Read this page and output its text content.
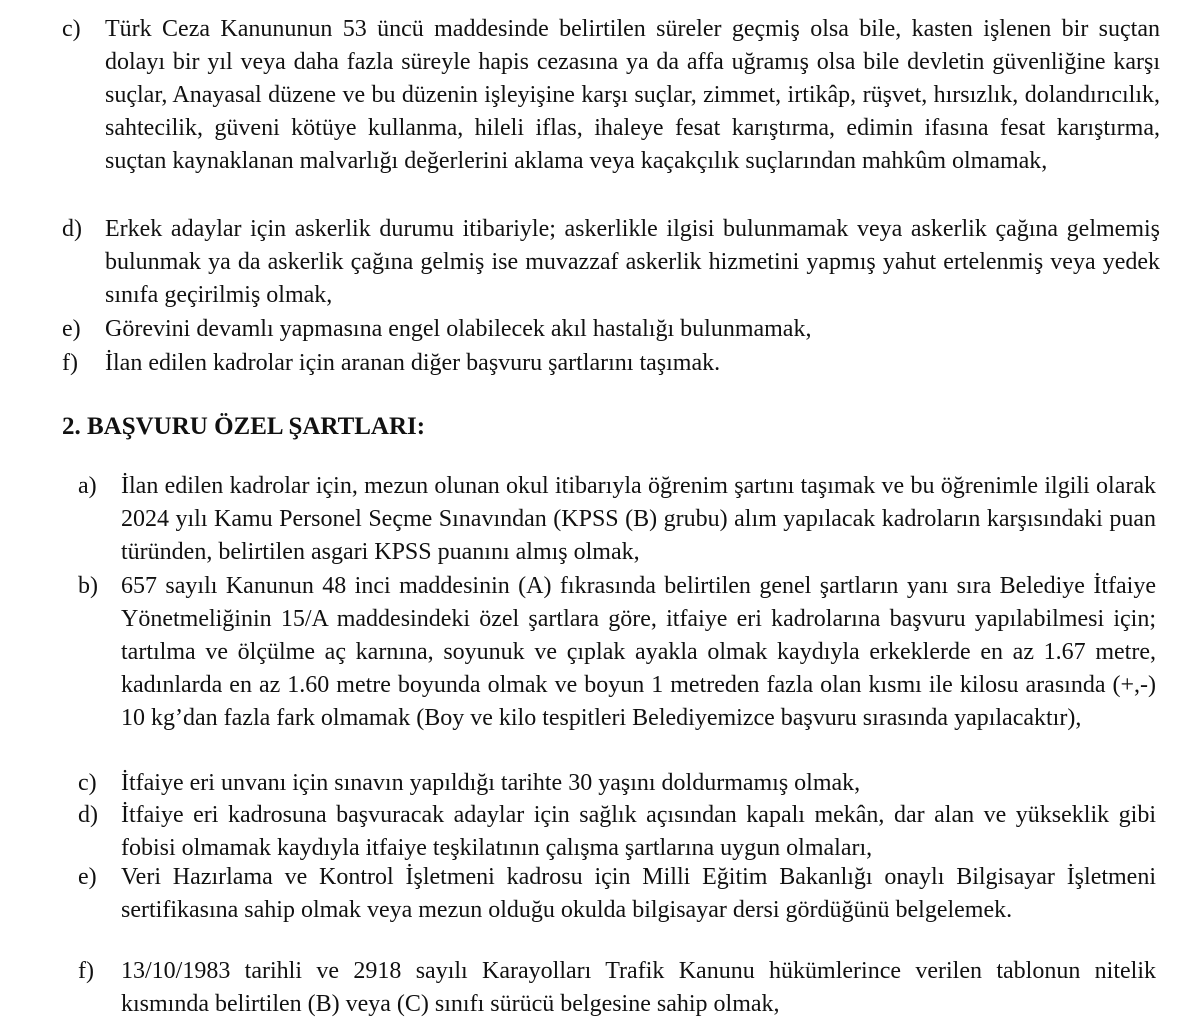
c) Türk Ceza Kanununun 53 üncü maddesinde belirtilen süreler geçmiş olsa bile, kasten işlenen bir suçtan dolayı bir yıl veya daha fazla süreyle hapis cezasına ya da affa uğramış olsa bile devletin güvenliğine karşı suçlar, Anayasal düzene ve bu düzenin işleyişine karşı suçlar, zimmet, irtikâp, rüşvet, hırsızlık, dolandırıcılık, sahtecilik, güveni kötüye kullanma, hileli iflas, ihaleye fesat karıştırma, edimin ifasına fesat karıştırma, suçtan kaynaklanan malvarlığı değerlerini aklama veya kaçakçılık suçlarından mahkûm olmamak,
d) Erkek adaylar için askerlik durumu itibariyle; askerlikle ilgisi bulunmamak veya askerlik çağına gelmemiş bulunmak ya da askerlik çağına gelmiş ise muvazzaf askerlik hizmetini yapmış yahut ertelenmiş veya yedek sınıfa geçirilmiş olmak,
e) Görevini devamlı yapmasına engel olabilecek akıl hastalığı bulunmamak,
f) İlan edilen kadrolar için aranan diğer başvuru şartlarını taşımak.
2. BAŞVURU ÖZEL ŞARTLARI:
a) İlan edilen kadrolar için, mezun olunan okul itibarıyla öğrenim şartını taşımak ve bu öğrenimle ilgili olarak 2024 yılı Kamu Personel Seçme Sınavından (KPSS (B) grubu) alım yapılacak kadroların karşısındaki puan türünden, belirtilen asgari KPSS puanını almış olmak,
b) 657 sayılı Kanunun 48 inci maddesinin (A) fıkrasında belirtilen genel şartların yanı sıra Belediye İtfaiye Yönetmeliğinin 15/A maddesindeki özel şartlara göre, itfaiye eri kadrolarına başvuru yapılabilmesi için; tartılma ve ölçülme aç karnına, soyunuk ve çıplak ayakla olmak kaydıyla erkeklerde en az 1.67 metre, kadınlarda en az 1.60 metre boyunda olmak ve boyun 1 metreden fazla olan kısmı ile kilosu arasında (+,-) 10 kg’dan fazla fark olmamak (Boy ve kilo tespitleri Belediyemizce başvuru sırasında yapılacaktır),
c) İtfaiye eri unvanı için sınavın yapıldığı tarihte 30 yaşını doldurmamış olmak,
d) İtfaiye eri kadrosuna başvuracak adaylar için sağlık açısından kapalı mekân, dar alan ve yükseklik gibi fobisi olmamak kaydıyla itfaiye teşkilatının çalışma şartlarına uygun olmaları,
e) Veri Hazırlama ve Kontrol İşletmeni kadrosu için Milli Eğitim Bakanlığı onaylı Bilgisayar İşletmeni sertifikasına sahip olmak veya mezun olduğu okulda bilgisayar dersi gördüğünü belgelemek.
f) 13/10/1983 tarihli ve 2918 sayılı Karayolları Trafik Kanunu hükümlerince verilen tablonun nitelik kısmında belirtilen (B) veya (C) sınıfı sürücü belgesine sahip olmak,
